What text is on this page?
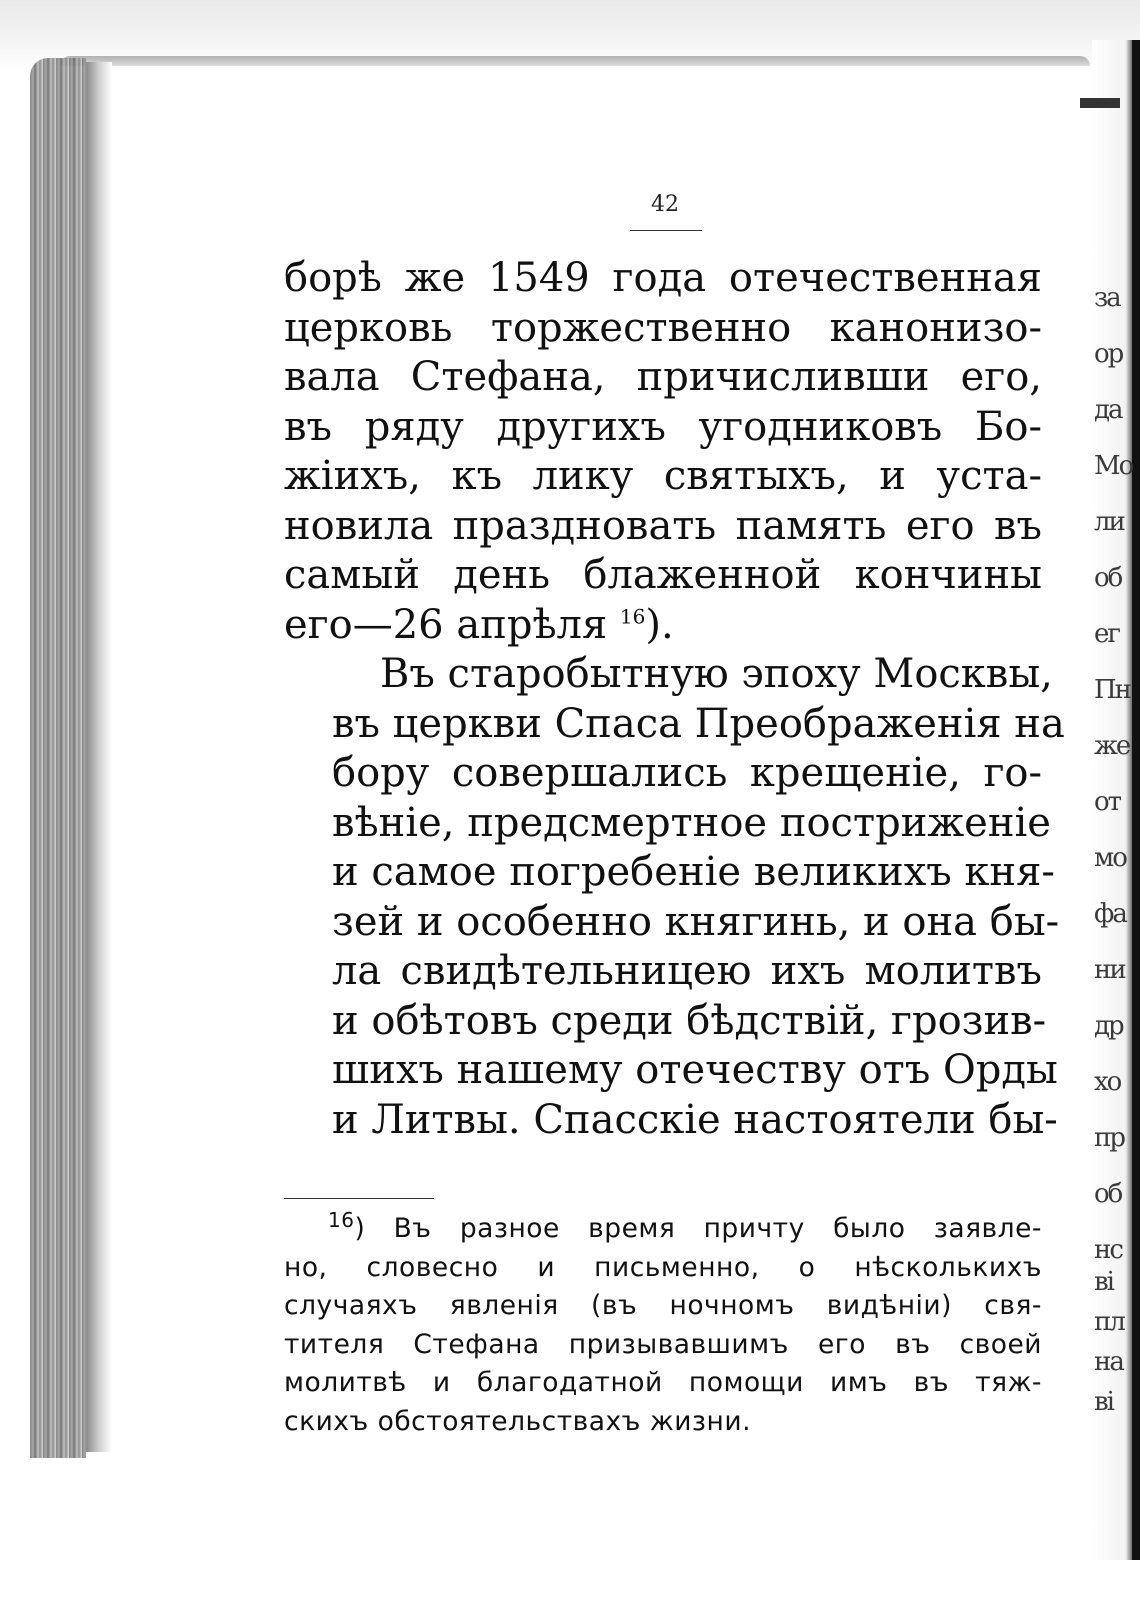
за
ор
да
Мо
ли
об
ег
Пн
же
от
мо
фа
ни
др
хо
пр
об
нс
ві
пл
на
ві
42

борѣ же 1549 года отечественная
церковь торжественно канонизо-
вала Стефана, причисливши его,
въ ряду другихъ угодниковъ Бо-
жіихъ, къ лику святыхъ, и уста-
новила праздновать память его въ
самый день блаженной кончины
его—26 апрѣля $^{16}$).

Въ старобытную эпоху Москвы,
въ церкви Спаса Преображенія на
бору совершались крещеніе, го-
вѣніе, предсмертное постриженіе
и самое погребеніе великихъ кня-
зей и особенно княгинь, и она бы-
ла свидѣтельницею ихъ молитвъ
и обѣтовъ среди бѣдствій, грозив-
шихъ нашему отечеству отъ Орды
и Литвы. Спасскіе настоятели бы-

$^{16}$) Въ разное время причту было заявле-
но, словесно и письменно, о нѣсколькихъ
случаяхъ явленія (въ ночномъ видѣніи) свя-
тителя Стефана призывавшимъ его въ своей
молитвѣ и благодатной помощи имъ въ тяж-
скихъ обстоятельствахъ жизни.
